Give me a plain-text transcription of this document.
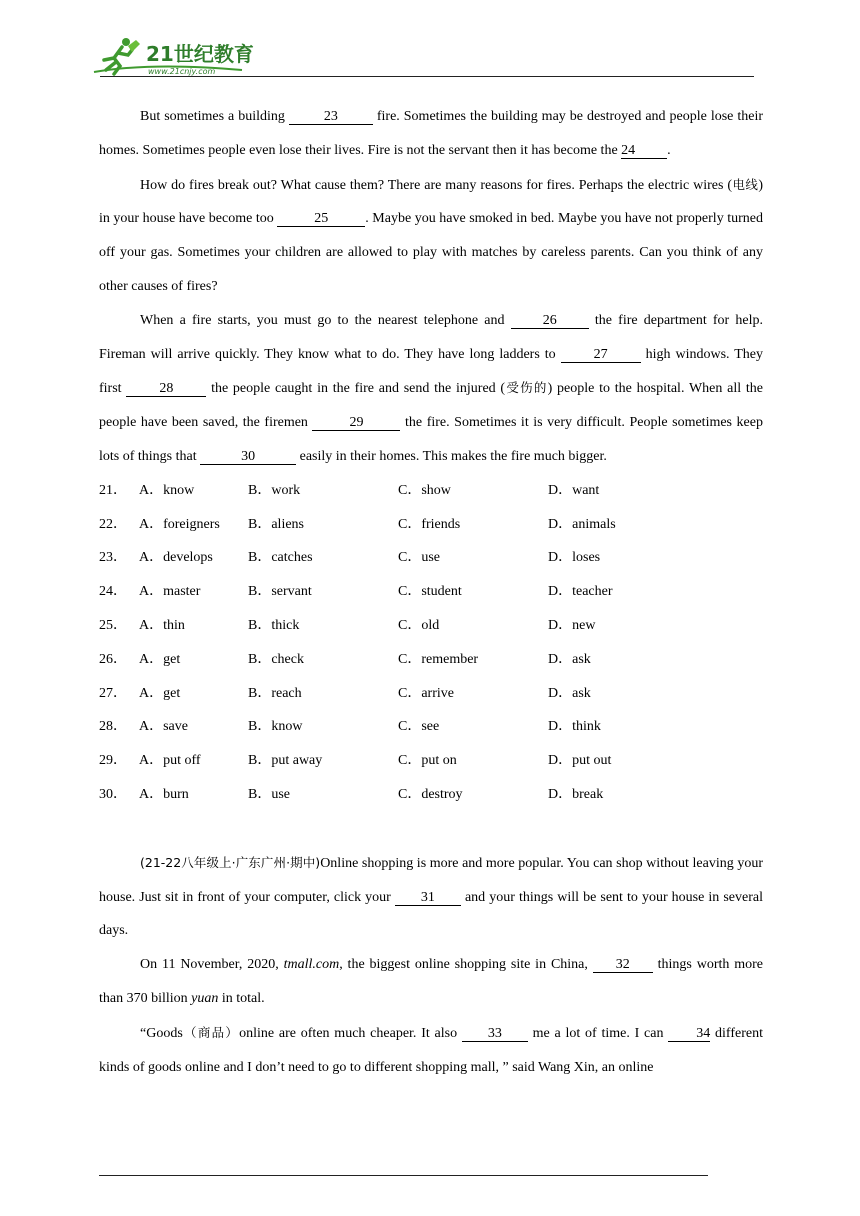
21世纪教育
www.21cnjy.com

But sometimes a building	23	fire. Sometimes the building may be destroyed and people lose their homes. Sometimes people even lose their lives. Fire is not the servant then it has become the 24 .

How do fires break out? What cause them? There are many reasons for fires. Perhaps the electric wires (电线) in your house have become too	25	. Maybe you have smoked in bed. Maybe you have not properly turned off your gas. Sometimes your children are allowed to play with matches by careless parents. Can you think of any other causes of fires?

When a fire starts, you must go to the nearest telephone and 26 the fire department for help. Fireman will arrive quickly. They know what to do. They have long ladders to 27 high windows. They first 28 the people caught in the fire and send the injured (受伤的) people to the hospital. When all the people have been saved, the firemen	29	the fire. Sometimes it is very difficult. People sometimes keep lots of things that	30	easily in their homes. This makes the fire much bigger.

21． A．know	B．work	C．show	D．want
22． A．foreigners	B．aliens	C．friends	D．animals
23． A．develops	B．catches	C．use	D．loses
24． A．master	B．servant	C．student	D．teacher
25． A．thin	B．thick	C．old	D．new
26． A．get	B．check	C．remember	D．ask
27． A．get	B．reach	C．arrive	D．ask
28． A．save	B．know	C．see	D．think
29． A．put off	B．put away	C．put on	D．put out
30． A．burn	B．use	C．destroy	D．break

(21-22八年级上·广东广州·期中)Online shopping is more and more popular. You can shop without leaving your house. Just sit in front of your computer, click your 31 and your things will be sent to your house in several days.

On 11 November, 2020, tmall.com, the biggest online shopping site in China, 32 things worth more than 370 billion yuan in total.

“Goods（商品）online are often much cheaper. It also 33 me a lot of time. I can 34 different kinds of goods online and I don’t need to go to different shopping mall, ” said Wang Xin, an online
